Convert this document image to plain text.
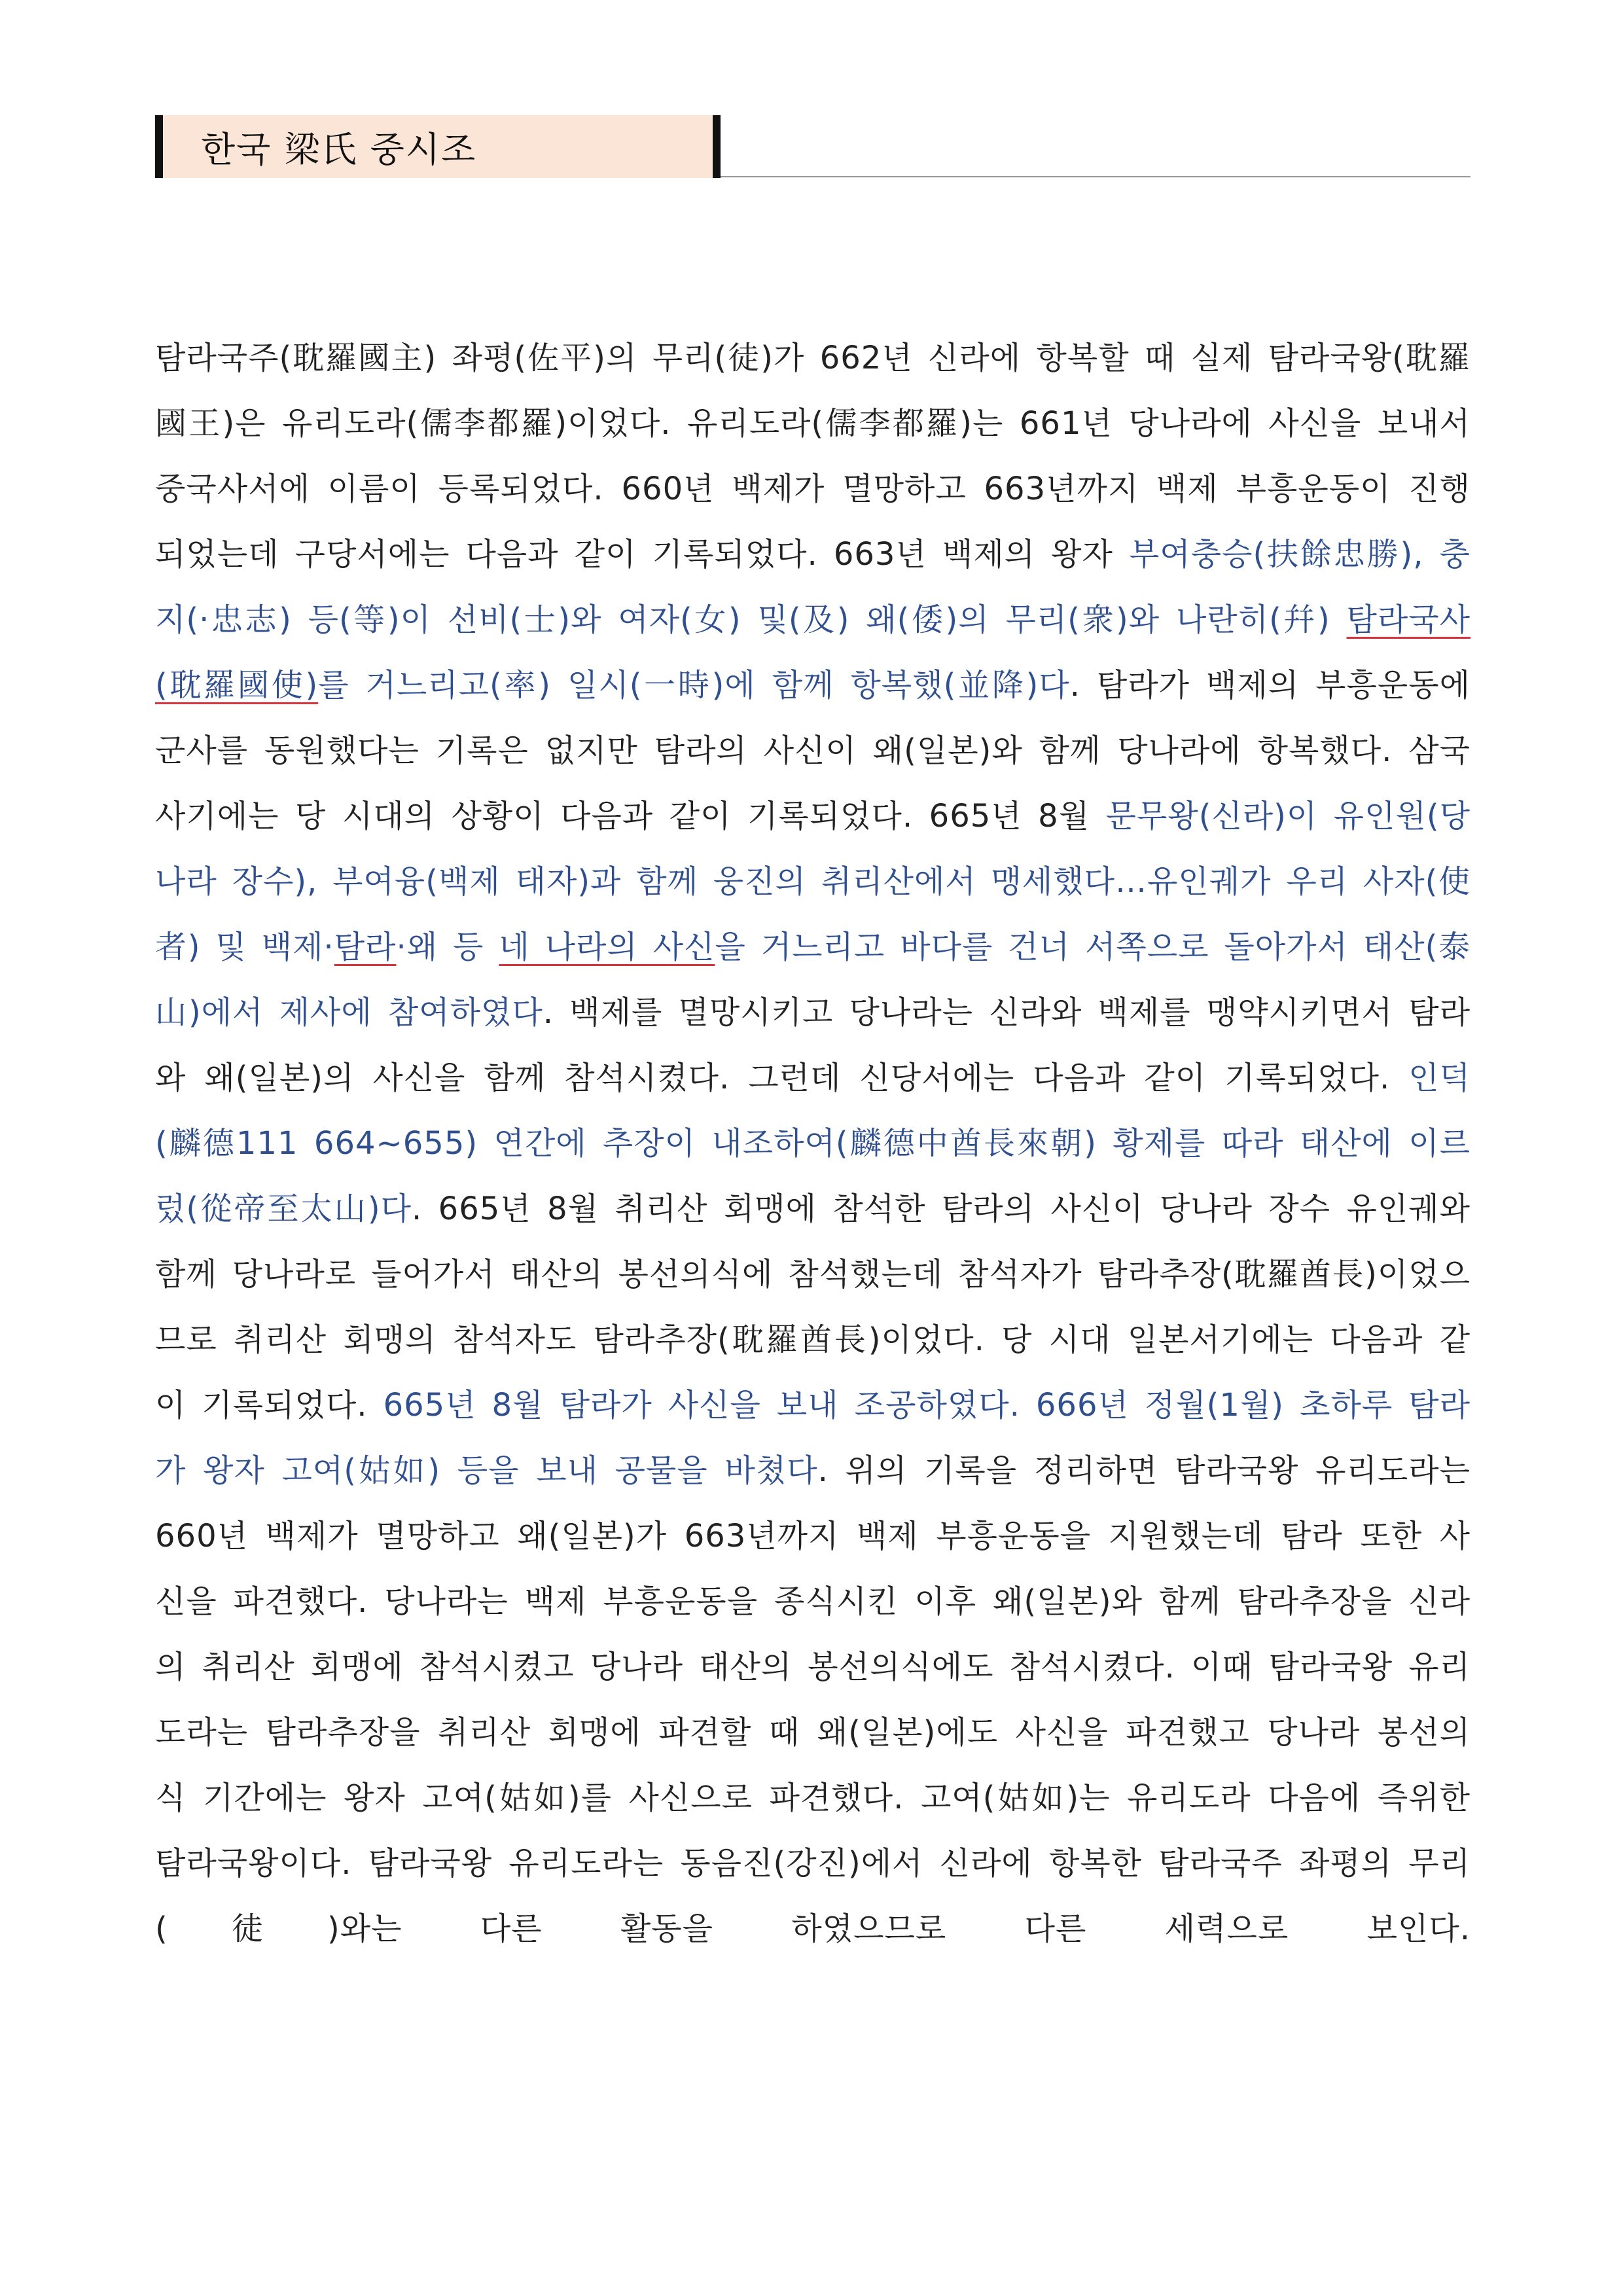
한국 梁氏 중시조

탐라국주(耽羅國主) 좌평(佐平)의 무리(徒)가 662년 신라에 항복할 때 실제 탐라국왕(耽羅國王)은 유리도라(儒李都羅)이었다. 유리도라(儒李都羅)는 661년 당나라에 사신을 보내서 중국사서에 이름이 등록되었다. 660년 백제가 멸망하고 663년까지 백제 부흥운동이 진행되었는데 구당서에는 다음과 같이 기록되었다. 663년 백제의 왕자 부여충승(扶餘忠勝), 충지(·忠志) 등(等)이 선비(士)와 여자(女) 및(及) 왜(倭)의 무리(衆)와 나란히(幷) 탐라국사(耽羅國使)를 거느리고(率) 일시(一時)에 함께 항복했(並降)다. 탐라가 백제의 부흥운동에 군사를 동원했다는 기록은 없지만 탐라의 사신이 왜(일본)와 함께 당나라에 항복했다. 삼국사기에는 당 시대의 상황이 다음과 같이 기록되었다. 665년 8월 문무왕(신라)이 유인원(당나라 장수), 부여융(백제 태자)과 함께 웅진의 취리산에서 맹세했다…유인궤가 우리 사자(使者) 및 백제·탐라·왜 등 네 나라의 사신을 거느리고 바다를 건너 서쪽으로 돌아가서 태산(泰山)에서 제사에 참여하였다. 백제를 멸망시키고 당나라는 신라와 백제를 맹약시키면서 탐라와 왜(일본)의 사신을 함께 참석시켰다. 그런데 신당서에는 다음과 같이 기록되었다. 인덕(麟德111 664~655) 연간에 추장이 내조하여(麟德中酋長來朝) 황제를 따라 태산에 이르렀(從帝至太山)다. 665년 8월 취리산 회맹에 참석한 탐라의 사신이 당나라 장수 유인궤와 함께 당나라로 들어가서 태산의 봉선의식에 참석했는데 참석자가 탐라추장(耽羅酋長)이었으므로 취리산 회맹의 참석자도 탐라추장(耽羅酋長)이었다. 당 시대 일본서기에는 다음과 같이 기록되었다. 665년 8월 탐라가 사신을 보내 조공하였다. 666년 정월(1월) 초하루 탐라가 왕자 고여(姑如) 등을 보내 공물을 바쳤다. 위의 기록을 정리하면 탐라국왕 유리도라는 660년 백제가 멸망하고 왜(일본)가 663년까지 백제 부흥운동을 지원했는데 탐라 또한 사신을 파견했다. 당나라는 백제 부흥운동을 종식시킨 이후 왜(일본)와 함께 탐라추장을 신라의 취리산 회맹에 참석시켰고 당나라 태산의 봉선의식에도 참석시켰다. 이때 탐라국왕 유리도라는 탐라추장을 취리산 회맹에 파견할 때 왜(일본)에도 사신을 파견했고 당나라 봉선의식 기간에는 왕자 고여(姑如)를 사신으로 파견했다. 고여(姑如)는 유리도라 다음에 즉위한 탐라국왕이다. 탐라국왕 유리도라는 동음진(강진)에서 신라에 항복한 탐라국주 좌평의 무리(徒)와는 다른 활동을 하였으므로 다른 세력으로 보인다.
